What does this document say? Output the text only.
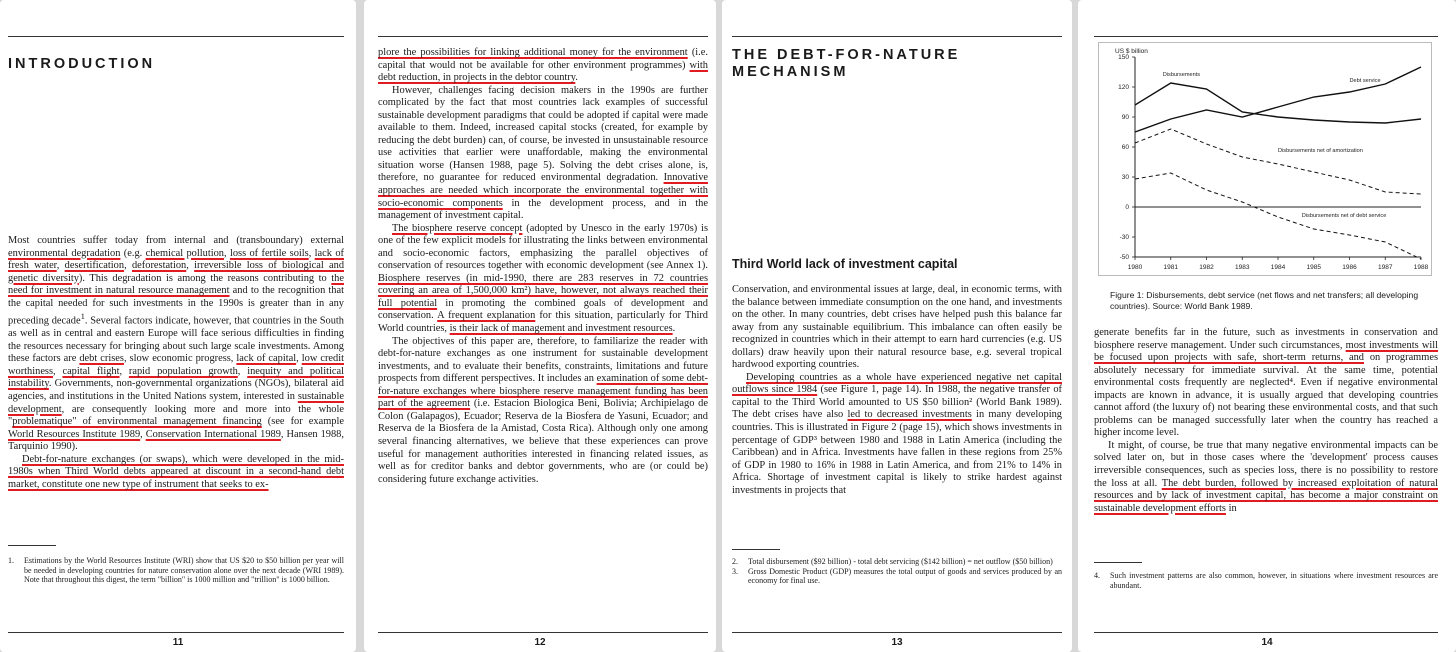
INTRODUCTION

Most countries suffer today from internal and (transboundary) external environmental degradation (e.g. chemical pollution, loss of fertile soils, lack of fresh water, desertification, deforestation, irreversible loss of biological and genetic diversity). This degradation is among the reasons contributing to the need for investment in natural resource management and to the recognition that the capital needed for such investments in the 1990s is greater than in any preceding decade$^1$. Several factors indicate, however, that countries in the South as well as in central and eastern Europe will face serious difficulties in finding the resources necessary for bringing about such large scale investments. Among these factors are debt crises, slow economic progress, lack of capital, low credit worthiness, capital flight, rapid population growth, inequity and political instability. Governments, non-governmental organizations (NGOs), bilateral aid agencies, and institutions in the United Nations system, interested in sustainable development, are consequently looking more and more into the whole "problematique" of environmental management financing (see for example World Resources Institute 1989, Conservation International 1989, Hansen 1988, Tarquinio 1990).

Debt-for-nature exchanges (or swaps), which were developed in the mid-1980s when Third World debts appeared at discount in a second-hand debt market, constitute one new type of instrument that seeks to ex-

1.	Estimations by the World Resources Institute (WRI) show that US $20 to $50 billion per year will be needed in developing countries for nature conservation alone over the next decade (WRI 1989). Note that throughout this digest, the term "billion" is 1000 million and "trillion" is 1000 billion.
11

plore the possibilities for linking additional money for the environment (i.e. capital that would not be available for other environment programmes) with debt reduction, in projects in the debtor country.

However, challenges facing decision makers in the 1990s are further complicated by the fact that most countries lack examples of successful sustainable development paradigms that could be adopted if capital were made available to them. Indeed, increased capital stocks (created, for example by reducing the debt burden) can, of course, be invested in unsustainable resource use activities that earlier were unaffordable, making the environmental situation worse (Hansen 1988, page 5). Solving the debt crises alone, is, therefore, no guarantee for reduced environmental degradation. Innovative approaches are needed which incorporate the environmental together with socio-economic components in the development process, and in the management of investment capital.

The biosphere reserve concept (adopted by Unesco in the early 1970s) is one of the few explicit models for illustrating the links between environmental and socio-economic factors, emphasizing the parallel objectives of conservation of resources together with economic development (see Annex 1). Biosphere reserves (in mid-1990, there are 283 reserves in 72 countries covering an area of 1,500,000 km²) have, however, not always reached their full potential in promoting the combined goals of development and conservation. A frequent explanation for this situation, particularly for Third World countries, is their lack of management and investment resources.

The objectives of this paper are, therefore, to familiarize the reader with debt-for-nature exchanges as one instrument for sustainable development investments, and to evaluate their benefits, constraints, limitations and future prospects from different perspectives. It includes an examination of some debt-for-nature exchanges where biosphere reserve management funding has been part of the agreement (i.e. Estacion Biologica Beni, Bolivia; Archipielago de Colon (Galapagos), Ecuador; Reserva de la Biosfera de Yasuni, Ecuador; and Reserva de la Biosfera de la Amistad, Costa Rica). Although only one among several financing alternatives, we believe that these experiences can prove useful for management authorities interested in financing related issues, as well as for creditor banks and debtor governments, who are (or could be) considering future exchange activities.

12
THE DEBT-FOR-NATURE MECHANISM
Third World lack of investment capital

Conservation, and environmental issues at large, deal, in economic terms, with the balance between immediate consumption on the one hand, and investments on the other. In many countries, debt crises have helped push this balance far away from any sustainable equilibrium. This imbalance can often easily be recognized in countries which in their attempt to earn hard currencies (e.g. US dollars) draw heavily upon their natural resource base, e.g. several tropical hardwood exporting countries.

Developing countries as a whole have experienced negative net capital outflows since 1984 (see Figure 1, page 14). In 1988, the negative transfer of capital to the Third World amounted to US $50 billion² (World Bank 1989). The debt crises have also led to decreased investments in many developing countries. This is illustrated in Figure 2 (page 15), which shows investments in percentage of GDP³ between 1980 and 1988 in Latin America (including the Caribbean) and in Africa. Investments have fallen in these regions from 25% of GDP in 1980 to 16% in 1988 in Latin America, and from 21% to 14% in Africa. Shortage of investment capital is likely to strike hardest against investments in projects that

2.	Total disbursement ($92 billion) - total debt servicing ($142 billion) = net outflow ($50 billion)
3.	Gross Domestic Product (GDP) measures the total output of goods and services produced by an economy for final use.
13
US $ billion
-50
-30
0
30
60
90
120
150
1980	1981	1982	1983	1984	1985	1986	1987	1988
Disbursements
Debt service
Disbursements net of amortization
Disbursements net of debt service
Figure 1: Disbursements, debt service (net flows and net transfers; all developing countries). Source: World Bank 1989.

generate benefits far in the future, such as investments in conservation and biosphere reserve management. Under such circumstances, most investments will be focused upon projects with safe, short-term returns, and on programmes absolutely necessary for immediate survival. At the same time, potential environmental costs frequently are neglected⁴. Even if negative environmental impacts are known in advance, it is usually argued that developing countries cannot afford (the luxury of) not bearing these environmental costs, and that such problems can be managed successfully later when the country has reached a higher income level.

It might, of course, be true that many negative environmental impacts can be solved later on, but in those cases where the 'development' process causes irreversible consequences, such as species loss, there is no possibility to restore the loss at all. The debt burden, followed by increased exploitation of natural resources and by lack of investment capital, has become a major constraint on sustainable development efforts in

4.	Such investment patterns are also common, however, in situations where investment resources are abundant.
14
